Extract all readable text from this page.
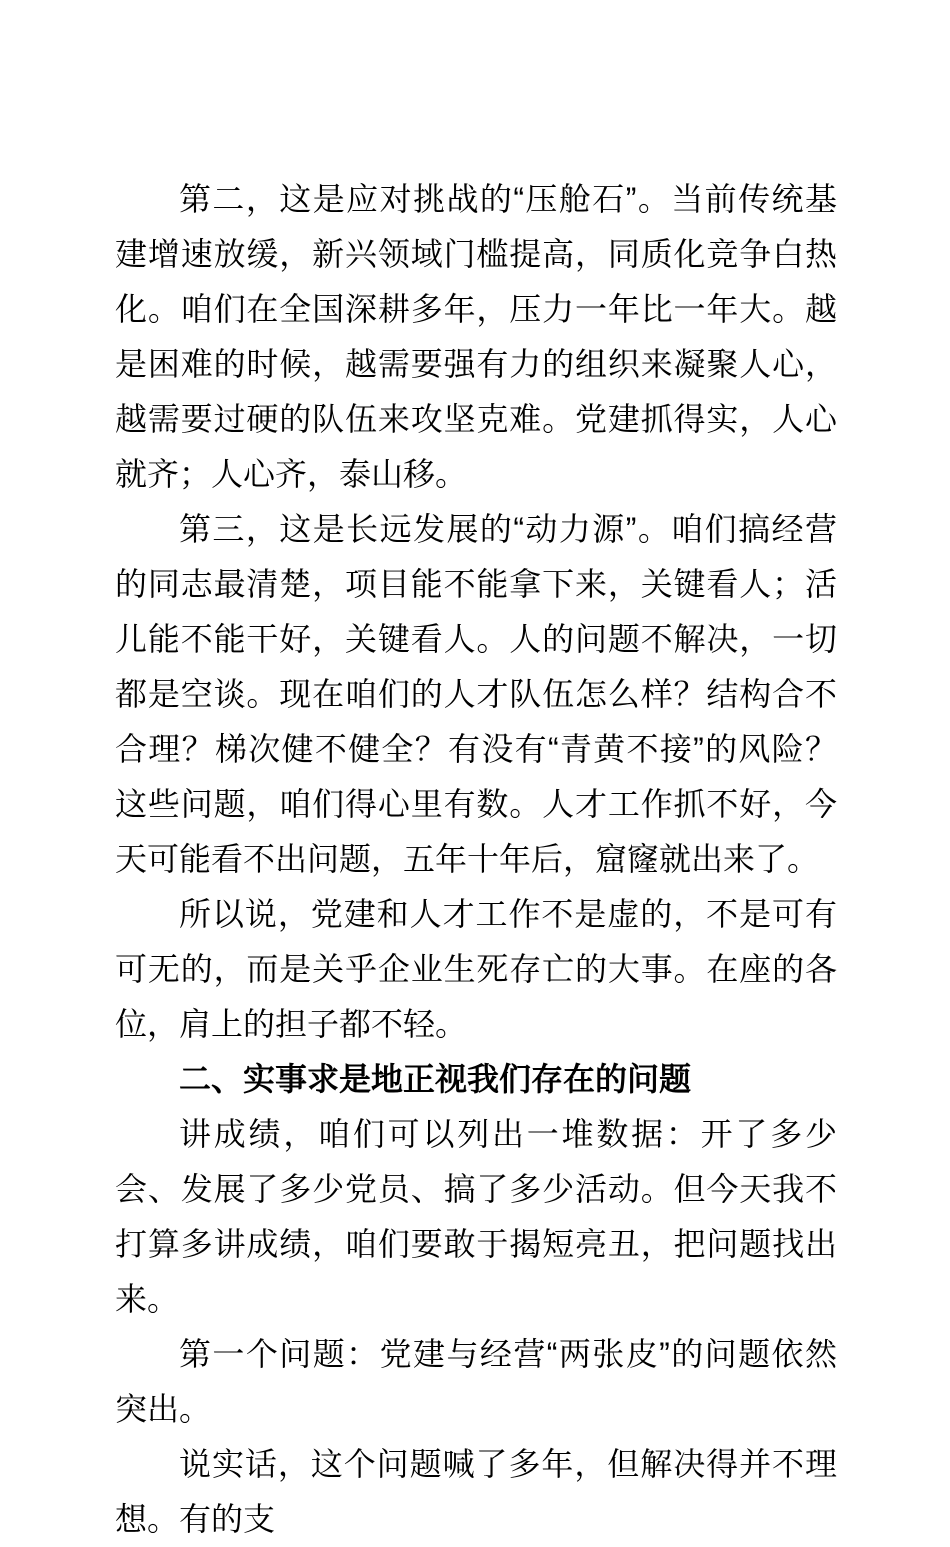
第二，这是应对挑战的“压舱石”。当前传统基建增速放缓，新兴领域门槛提高，同质化竞争白热化。咱们在全国深耕多年，压力一年比一年大。越是困难的时候，越需要强有力的组织来凝聚人心，越需要过硬的队伍来攻坚克难。党建抓得实，人心就齐；人心齐，泰山移。

第三，这是长远发展的“动力源”。咱们搞经营的同志最清楚，项目能不能拿下来，关键看人；活儿能不能干好，关键看人。人的问题不解决，一切都是空谈。现在咱们的人才队伍怎么样？结构合不合理？梯次健不健全？有没有“青黄不接”的风险？这些问题，咱们得心里有数。人才工作抓不好，今天可能看不出问题，五年十年后，窟窿就出来了。

所以说，党建和人才工作不是虚的，不是可有可无的，而是关乎企业生死存亡的大事。在座的各位，肩上的担子都不轻。

二、实事求是地正视我们存在的问题

讲成绩，咱们可以列出一堆数据：开了多少会、发展了多少党员、搞了多少活动。但今天我不打算多讲成绩，咱们要敢于揭短亮丑，把问题找出来。

第一个问题：党建与经营“两张皮”的问题依然突出。

说实话，这个问题喊了多年，但解决得并不理想。有的支
